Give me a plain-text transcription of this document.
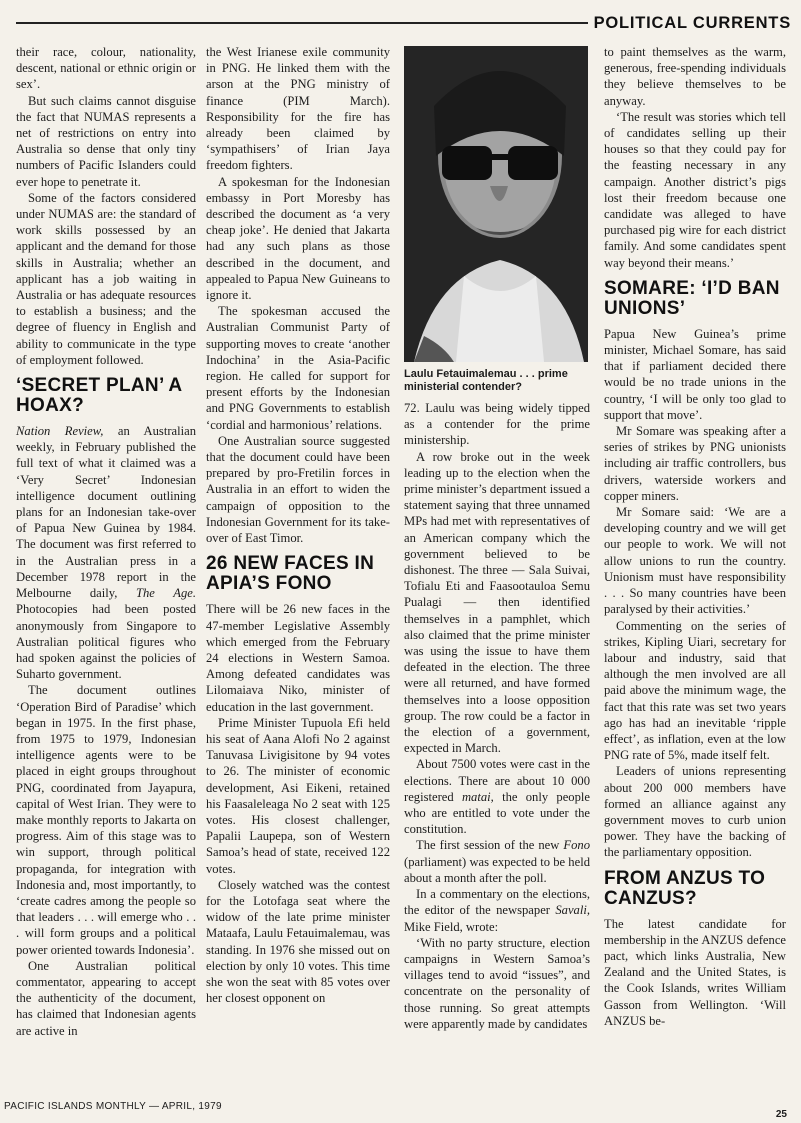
POLITICAL CURRENTS

their race, colour, nationality, descent, national or ethnic origin or sex’.

But such claims cannot disguise the fact that NUMAS represents a net of restrictions on entry into Australia so dense that only tiny numbers of Pacific Islanders could ever hope to penetrate it.

Some of the factors considered under NUMAS are: the standard of work skills possessed by an applicant and the demand for those skills in Australia; whether an applicant has a job waiting in Australia or has adequate resources to establish a business; and the degree of fluency in English and ability to communicate in the type of employment followed.

‘SECRET PLAN’ A HOAX?

Nation Review, an Australian weekly, in February published the full text of what it claimed was a ‘Very Secret’ Indonesian intelligence document outlining plans for an Indonesian take-over of Papua New Guinea by 1984. The document was first referred to in the Australian press in a December 1978 report in the Melbourne daily, The Age. Photocopies had been posted anonymously from Singapore to Australian political figures who had spoken against the policies of Suharto government.

The document outlines ‘Operation Bird of Paradise’ which began in 1975. In the first phase, from 1975 to 1979, Indonesian intelligence agents were to be placed in eight groups throughout PNG, coordinated from Jayapura, capital of West Irian. They were to make monthly reports to Jakarta on progress. Aim of this stage was to win support, through political propaganda, for integration with Indonesia and, most importantly, to ‘create cadres among the people so that leaders . . . will emerge who . . . will form groups and a political power oriented towards Indonesia’.

One Australian political commentator, appearing to accept the authenticity of the document, has claimed that Indonesian agents are active in

the West Irianese exile community in PNG. He linked them with the arson at the PNG ministry of finance (PIM March). Responsibility for the fire has already been claimed by ‘sympathisers’ of Irian Jaya freedom fighters.

A spokesman for the Indonesian embassy in Port Moresby has described the document as ‘a very cheap joke’. He denied that Jakarta had any such plans as those described in the document, and appealed to Papua New Guineans to ignore it.

The spokesman accused the Australian Communist Party of supporting moves to create ‘another Indochina’ in the Asia-Pacific region. He called for support for present efforts by the Indonesian and PNG Governments to establish ‘cordial and harmonious’ relations.

One Australian source suggested that the document could have been prepared by pro-Fretilin forces in Australia in an effort to widen the campaign of opposition to the Indonesian Government for its take-over of East Timor.

26 NEW FACES IN APIA’S FONO

There will be 26 new faces in the 47-member Legislative Assembly which emerged from the February 24 elections in Western Samoa. Among defeated candidates was Lilomaiava Niko, minister of education in the last government.

Prime Minister Tupuola Efi held his seat of Aana Alofi No 2 against Tanuvasa Livigisitone by 94 votes to 26. The minister of economic development, Asi Eikeni, retained his Faasaleleaga No 2 seat with 125 votes. His closest challenger, Papalii Laupepa, son of Western Samoa’s head of state, received 122 votes.

Closely watched was the contest for the Lotofaga seat where the widow of the late prime minister Mataafa, Laulu Fetauimalemau, was standing. In 1976 she missed out on election by only 10 votes. This time she won the seat with 85 votes over her closest opponent on

Laulu Fetauimalemau . . . prime ministerial contender?

72. Laulu was being widely tipped as a contender for the prime ministership.

A row broke out in the week leading up to the election when the prime minister’s department issued a statement saying that three unnamed MPs had met with representatives of an American company which the government believed to be dishonest. The three — Sala Suivai, Tofialu Eti and Faasootauloa Semu Pualagi — then identified themselves in a pamphlet, which also claimed that the prime minister was using the issue to have them defeated in the election. The three were all returned, and have formed themselves into a loose opposition group. The row could be a factor in the election of a government, expected in March.

About 7500 votes were cast in the elections. There are about 10 000 registered matai, the only people who are entitled to vote under the constitution.

The first session of the new Fono (parliament) was expected to be held about a month after the poll.

In a commentary on the elections, the editor of the newspaper Savali, Mike Field, wrote:

‘With no party structure, election campaigns in Western Samoa’s villages tend to avoid “issues”, and concentrate on the personality of those running. So great attempts were apparently made by candidates

to paint themselves as the warm, generous, free-spending individuals they believe themselves to be anyway.

‘The result was stories which tell of candidates selling up their houses so that they could pay for the feasting necessary in any campaign. Another district’s pigs lost their freedom because one candidate was alleged to have purchased pig wire for each district family. And some candidates spent way beyond their means.’

SOMARE: ‘I’D BAN UNIONS’

Papua New Guinea’s prime minister, Michael Somare, has said that if parliament decided there would be no trade unions in the country, ‘I will be only too glad to support that move’.

Mr Somare was speaking after a series of strikes by PNG unionists including air traffic controllers, bus drivers, waterside workers and copper miners.

Mr Somare said: ‘We are a developing country and we will get our people to work. We will not allow unions to run the country. Unionism must have responsibility . . . So many countries have been paralysed by their activities.’

Commenting on the series of strikes, Kipling Uiari, secretary for labour and industry, said that although the men involved are all paid above the minimum wage, the fact that this rate was set two years ago has had an inevitable ‘ripple effect’, as inflation, even at the low PNG rate of 5%, made itself felt.

Leaders of unions representing about 200 000 members have formed an alliance against any government moves to curb union power. They have the backing of the parliamentary opposition.

FROM ANZUS TO CANZUS?

The latest candidate for membership in the ANZUS defence pact, which links Australia, New Zealand and the United States, is the Cook Islands, writes William Gasson from Wellington. ‘Will ANZUS be-

PACIFIC ISLANDS MONTHLY — APRIL, 1979
25
